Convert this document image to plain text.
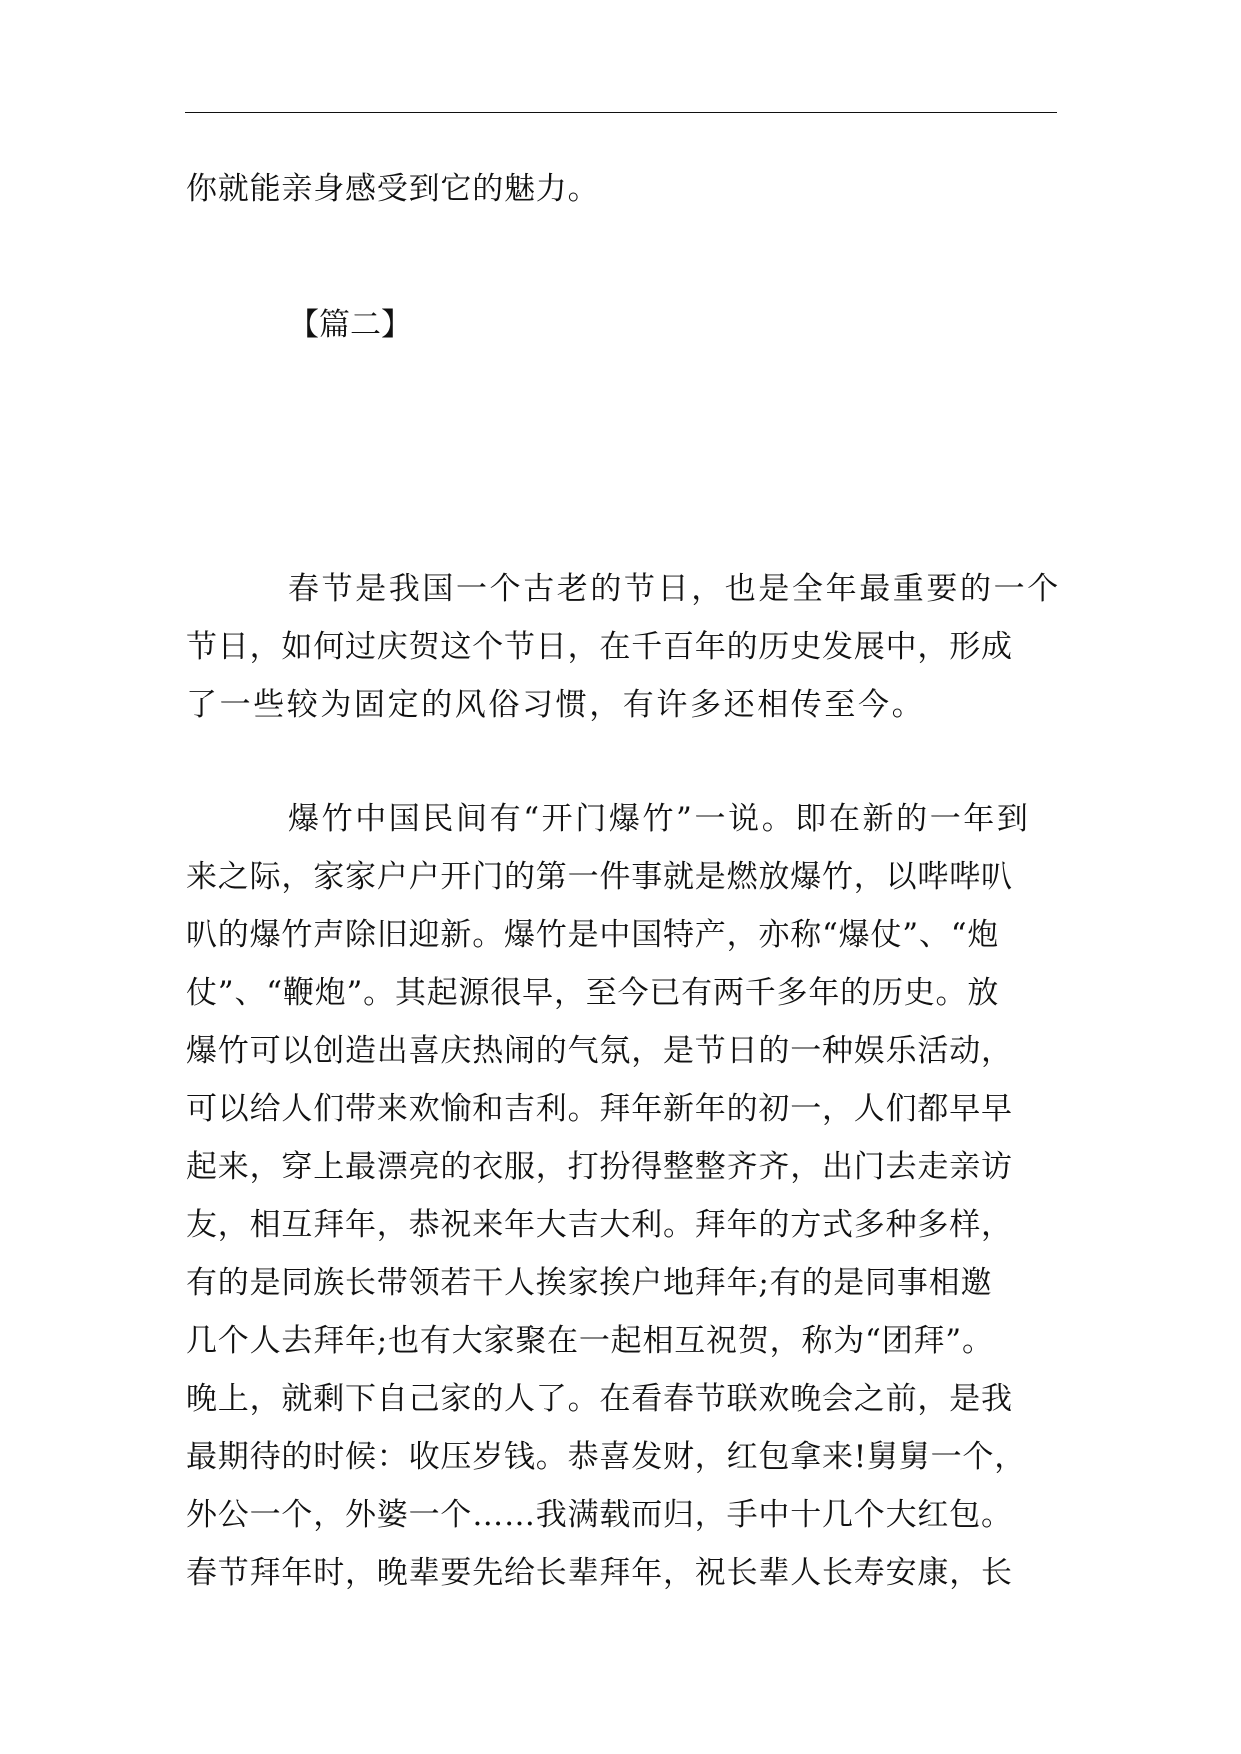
你就能亲身感受到它的魅力。
【篇二】
春节是我国一个古老的节日，也是全年最重要的一个
节日，如何过庆贺这个节日，在千百年的历史发展中，形成
了一些较为固定的风俗习惯，有许多还相传至今。
爆竹中国民间有“开门爆竹”一说。即在新的一年到
来之际，家家户户开门的第一件事就是燃放爆竹，以哔哔叭
叭的爆竹声除旧迎新。爆竹是中国特产，亦称“爆仗”、“炮
仗”、“鞭炮”。其起源很早，至今已有两千多年的历史。放
爆竹可以创造出喜庆热闹的气氛，是节日的一种娱乐活动，
可以给人们带来欢愉和吉利。拜年新年的初一，人们都早早
起来，穿上最漂亮的衣服，打扮得整整齐齐，出门去走亲访
友，相互拜年，恭祝来年大吉大利。拜年的方式多种多样，
有的是同族长带领若干人挨家挨户地拜年;有的是同事相邀
几个人去拜年;也有大家聚在一起相互祝贺，称为“团拜”。
晚上，就剩下自己家的人了。在看春节联欢晚会之前，是我
最期待的时候：收压岁钱。恭喜发财，红包拿来!舅舅一个，
外公一个，外婆一个……我满载而归，手中十几个大红包。
春节拜年时，晚辈要先给长辈拜年，祝长辈人长寿安康，长
